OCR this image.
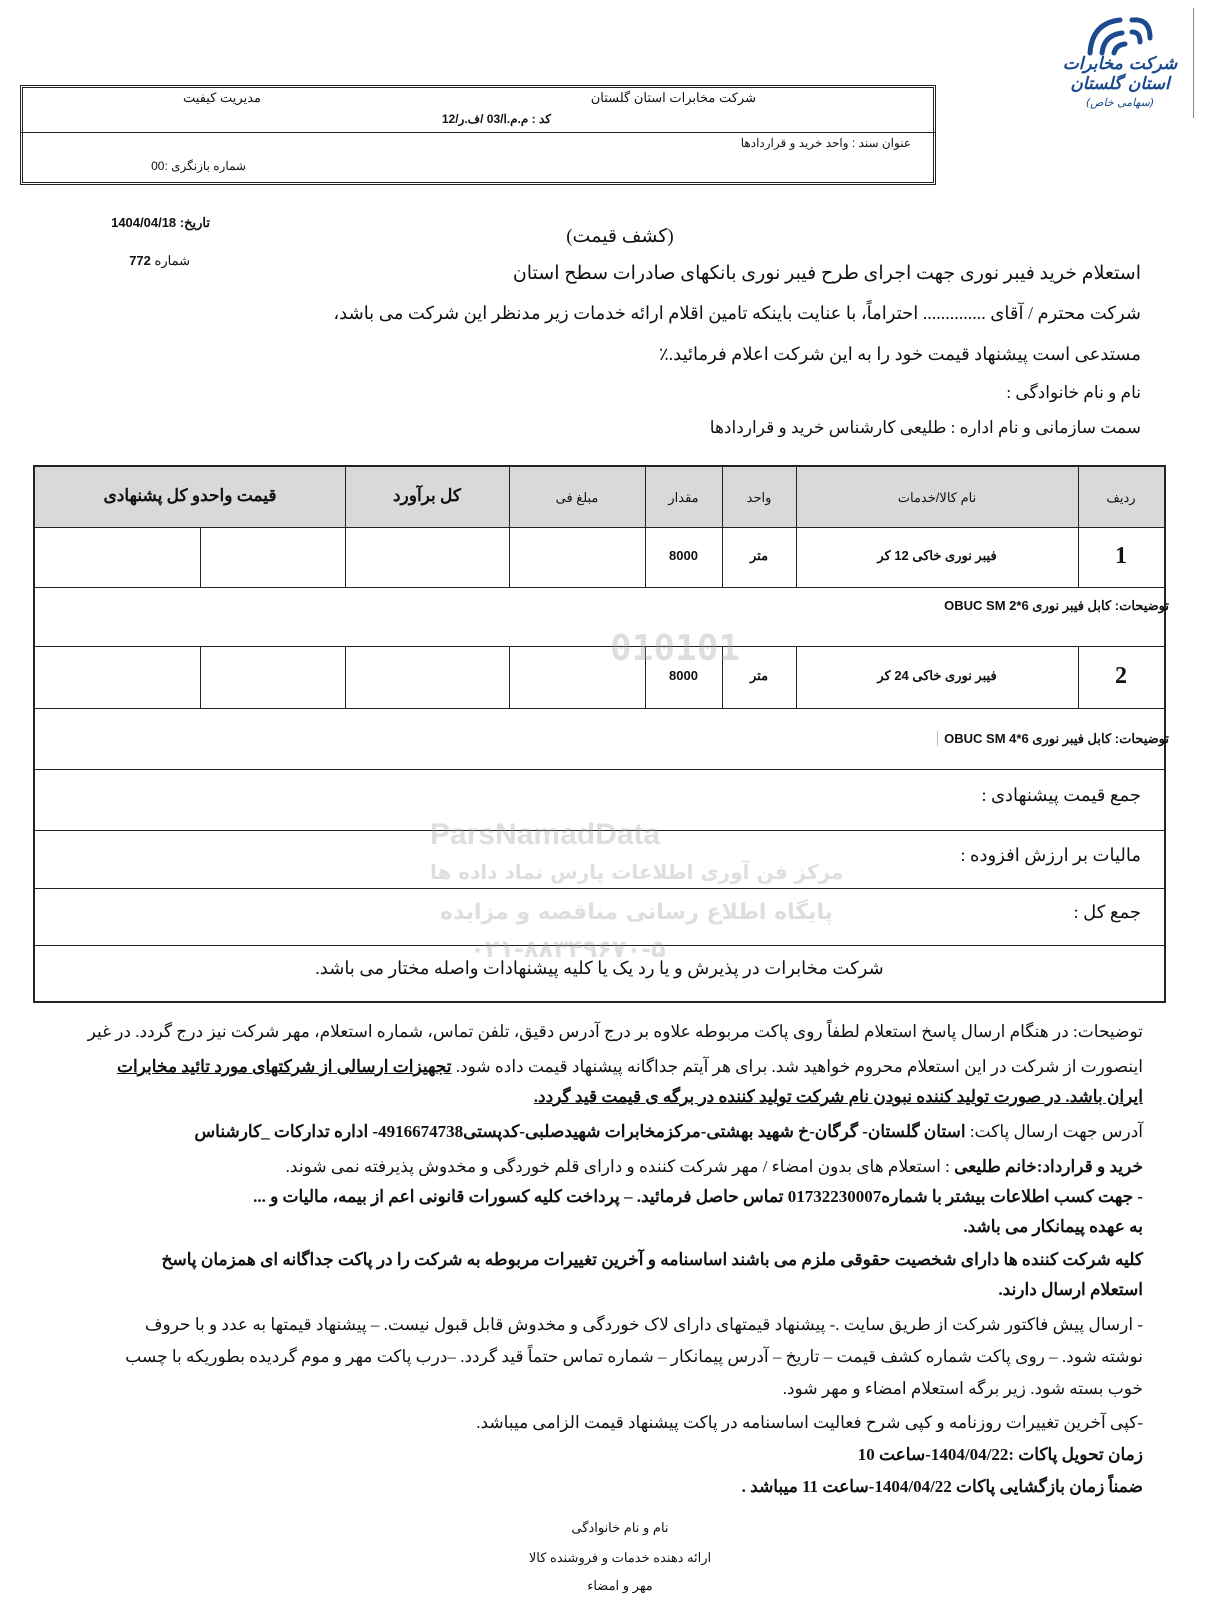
شرکت مخابرات استان گلستان
(سهامی خاص)
شرکت مخابرات استان گلستان
مدیریت کیفیت
کد : م.م.ا/03 /ف.ر/12
عنوان سند : واحد خرید و قراردادها
شماره بازنگری :00
تاریخ: 1404/04/18
شماره 772
(کشف قیمت)
استعلام خرید فیبر نوری جهت اجرای طرح فیبر نوری بانکهای صادرات سطح استان
شرکت محترم / آقای .............. احتراماً، با عنایت باینکه تامین اقلام ارائه خدمات زیر مدنظر این شرکت می باشد،
مستدعی است پیشنهاد قیمت خود را به این شرکت اعلام فرمائید.٪
نام و نام خانوادگی :
سمت سازمانی و نام اداره : طلیعی کارشناس خرید و قراردادها
ردیف
نام کالا/خدمات
واحد
مقدار
مبلغ فی
کل برآورد
قیمت واحدو کل پشنهادی
1
فیبر نوری خاکی 12 کر
متر
8000
توضیحات: کابل فیبر نوری 6*2 OBUC SM
2
فیبر نوری خاکی 24 کر
متر
8000
توضیحات: کابل فیبر نوری 6*4 OBUC SM
جمع قیمت پیشنهادی :
مالیات بر ارزش افزوده :
جمع کل :
شرکت مخابرات در پذیرش و یا رد یک یا کلیه پیشنهادات واصله مختار می باشد.
010101
ParsNamadData
مرکز فن آوری اطلاعات پارس نماد داده ها
پایگاه اطلاع رسانی مناقصه و مزایده
۰۲۱-۸۸۳۴۹۶۷۰-۵
توضیحات: در هنگام ارسال پاسخ استعلام لطفاً روی پاکت مربوطه علاوه بر درج آدرس دقیق، تلفن تماس، شماره استعلام، مهر شرکت نیز درج گردد. در غیر
اینصورت از شرکت در این استعلام محروم خواهید شد. برای هر آیتم جداگانه پیشنهاد قیمت داده شود. تجهیزات ارسالی از شرکتهای مورد تائید مخابرات
ایران باشد. در صورت تولید کننده نبودن نام شرکت تولید کننده در برگه ی قیمت قید گردد.
آدرس جهت ارسال پاکت: استان گلستان- گرگان-خ شهید بهشتی-مرکزمخابرات شهیدصلبی-کدپستی4916674738- اداره تدارکات _کارشناس
خرید و قرارداد:خانم طلیعی : استعلام های بدون امضاء / مهر شرکت کننده و دارای قلم خوردگی و مخدوش پذیرفته نمی شوند.
- جهت کسب اطلاعات بیشتر با شماره01732230007 تماس حاصل فرمائید. – پرداخت کلیه کسورات قانونی اعم از بیمه، مالیات و ...
به عهده پیمانکار می باشد.
کلیه شرکت کننده ها دارای شخصیت حقوقی ملزم می باشند اساسنامه و آخرین تغییرات مربوطه به شرکت را در پاکت جداگانه ای همزمان پاسخ
استعلام ارسال دارند.
- ارسال پیش فاکتور شرکت از طریق سایت .- پیشنهاد قیمتهای دارای لاک خوردگی و مخدوش قابل قبول نیست. – پیشنهاد قیمتها به عدد و با حروف
نوشته شود. – روی پاکت شماره کشف قیمت – تاریخ – آدرس پیمانکار – شماره تماس حتماً قید گردد. –درب پاکت مهر و موم گردیده بطوریکه با چسب
خوب بسته شود. زیر برگه استعلام امضاء و مهر شود.
-کپی آخرین تغییرات روزنامه و کپی شرح فعالیت اساسنامه در پاکت پیشنهاد قیمت الزامی میباشد.
زمان تحویل پاکات :1404/04/22-ساعت 10
ضمناً زمان بازگشایی پاکات 1404/04/22-ساعت 11 میباشد .
نام و نام خانوادگی
ارائه دهنده خدمات و فروشنده کالا
مهر و امضاء
